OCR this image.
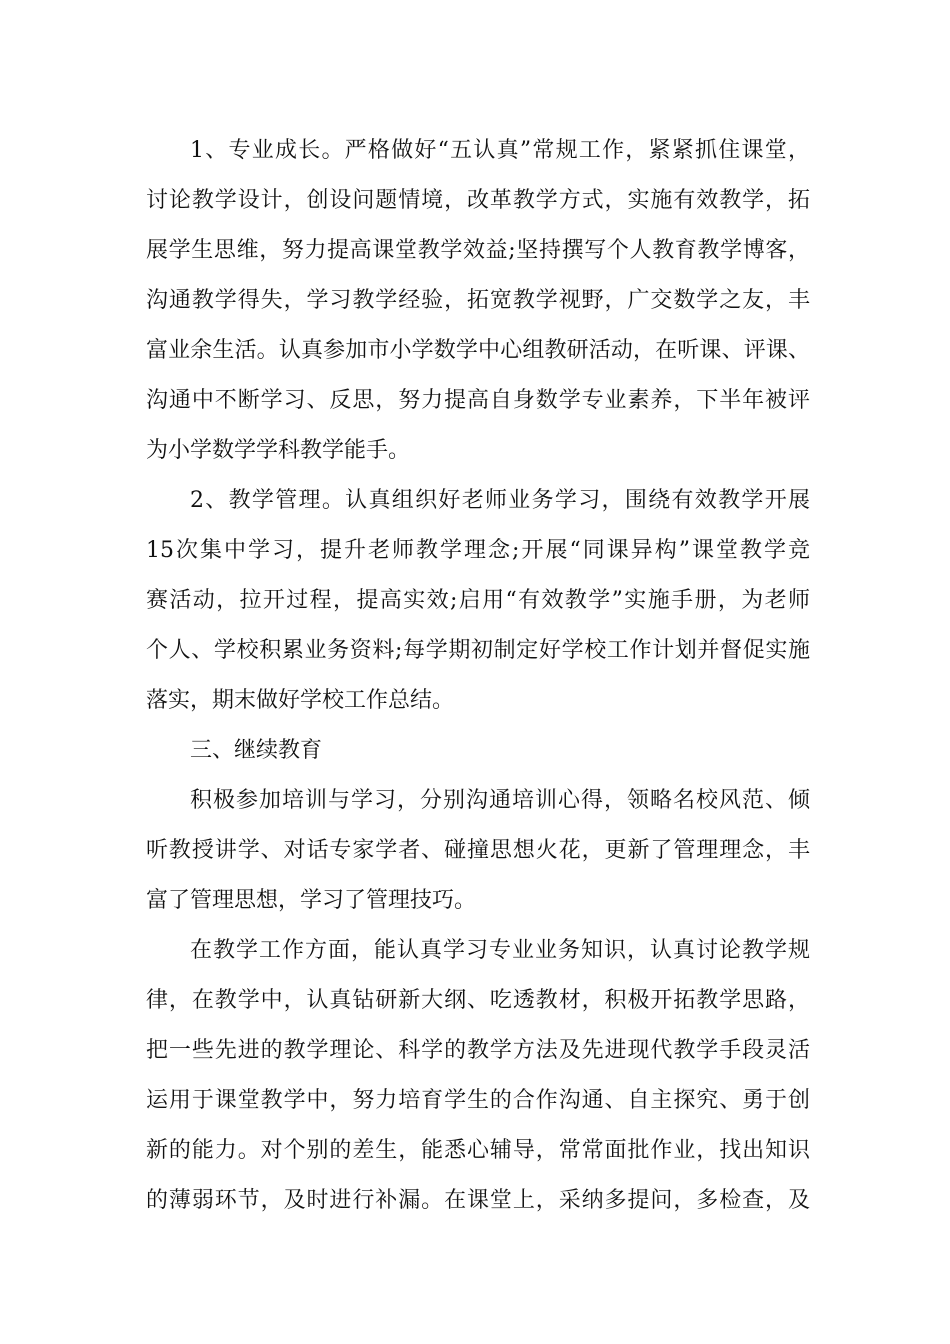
1、专业成长。严格做好“五认真”常规工作，紧紧抓住课堂，
讨论教学设计，创设问题情境，改革教学方式，实施有效教学，拓
展学生思维，努力提高课堂教学效益;坚持撰写个人教育教学博客，
沟通教学得失，学习教学经验，拓宽教学视野，广交数学之友，丰
富业余生活。认真参加市小学数学中心组教研活动，在听课、评课、
沟通中不断学习、反思，努力提高自身数学专业素养，下半年被评
为小学数学学科教学能手。
2、教学管理。认真组织好老师业务学习，围绕有效教学开展
15次集中学习，提升老师教学理念;开展“同课异构”课堂教学竞
赛活动，拉开过程，提高实效;启用“有效教学”实施手册，为老师
个人、学校积累业务资料;每学期初制定好学校工作计划并督促实施
落实，期末做好学校工作总结。
三、继续教育
积极参加培训与学习，分别沟通培训心得，领略名校风范、倾
听教授讲学、对话专家学者、碰撞思想火花，更新了管理理念，丰
富了管理思想，学习了管理技巧。
在教学工作方面，能认真学习专业业务知识，认真讨论教学规
律，在教学中，认真钻研新大纲、吃透教材，积极开拓教学思路，
把一些先进的教学理论、科学的教学方法及先进现代教学手段灵活
运用于课堂教学中，努力培育学生的合作沟通、自主探究、勇于创
新的能力。对个别的差生，能悉心辅导，常常面批作业，找出知识
的薄弱环节，及时进行补漏。在课堂上，采纳多提问，多检查，及
